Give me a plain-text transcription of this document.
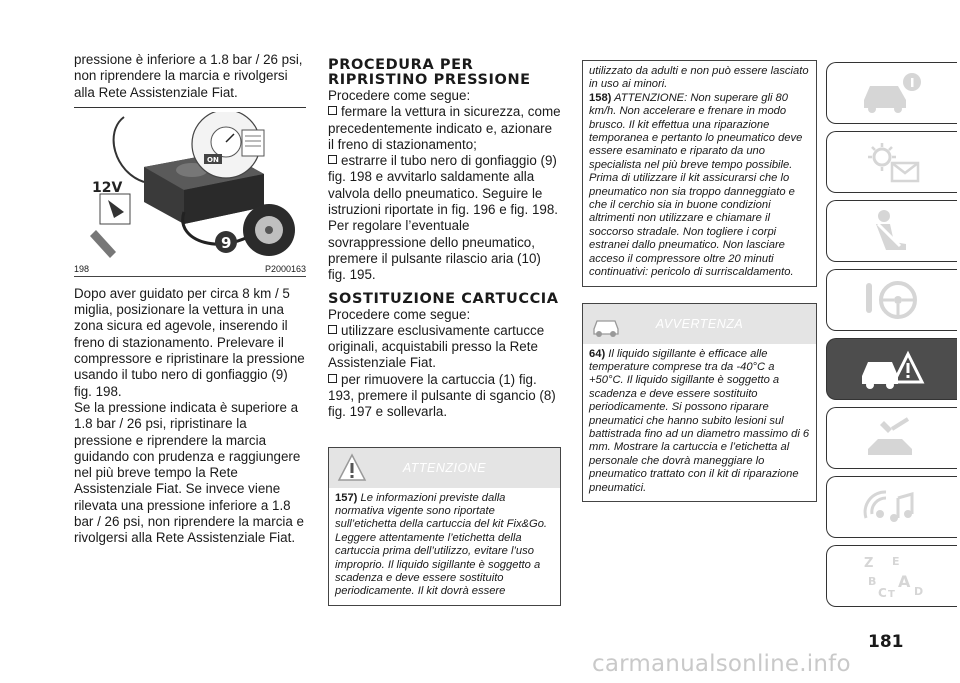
pressione è inferiore a 1.8 bar / 26 psi, non riprendere la marcia e rivolgersi alla Rete Assistenziale Fiat.

ON
12V
9
198	P2000163

Dopo aver guidato per circa 8 km / 5 miglia, posizionare la vettura in una zona sicura ed agevole, inserendo il freno di stazionamento. Prelevare il compressore e ripristinare la pressione usando il tubo nero di gonfiaggio (9) fig. 198.

Se la pressione indicata è superiore a 1.8 bar / 26 psi, ripristinare la pressione e riprendere la marcia guidando con prudenza e raggiungere nel più breve tempo la Rete Assistenziale Fiat. Se invece viene rilevata una pressione inferiore a 1.8 bar / 26 psi, non riprendere la marcia e rivolgersi alla Rete Assistenziale Fiat.

PROCEDURA PER RIPRISTINO PRESSIONE

Procedere come segue:

fermare la vettura in sicurezza, come precedentemente indicato e, azionare il freno di stazionamento;
estrarre il tubo nero di gonfiaggio (9) fig. 198 e avvitarlo saldamente alla valvola dello pneumatico. Seguire le istruzioni riportate in fig. 196 e fig. 198. Per regolare l’eventuale sovrappressione dello pneumatico, premere il pulsante rilascio aria (10) fig. 195.

SOSTITUZIONE CARTUCCIA

Procedere come segue:

utilizzare esclusivamente cartucce originali, acquistabili presso la Rete Assistenziale Fiat.
per rimuovere la cartuccia (1) fig. 193, premere il pulsante di sgancio (8) fig. 197 e sollevarla.

ATTENZIONE
157) Le informazioni previste dalla normativa vigente sono riportate sull’etichetta della cartuccia del kit Fix&Go. Leggere attentamente l’etichetta della cartuccia prima dell’utilizzo, evitare l’uso improprio. Il liquido sigillante è soggetto a scadenza e deve essere sostituito periodicamente. Il kit dovrà essere
utilizzato da adulti e non può essere lasciato in uso ai minori.
158) ATTENZIONE: Non superare gli 80 km/h. Non accelerare e frenare in modo brusco. Il kit effettua una riparazione temporanea e pertanto lo pneumatico deve essere esaminato e riparato da uno specialista nel più breve tempo possibile. Prima di utilizzare il kit assicurarsi che lo pneumatico non sia troppo danneggiato e che il cerchio sia in buone condizioni altrimenti non utilizzare e chiamare il soccorso stradale. Non togliere i corpi estranei dallo pneumatico. Non lasciare acceso il compressore oltre 20 minuti continuativi: pericolo di surriscaldamento.
AVVERTENZA
64) Il liquido sigillante è efficace alle temperature comprese tra da -40°C a +50°C. Il liquido sigillante è soggetto a scadenza e deve essere sostituito periodicamente. Si possono riparare pneumatici che hanno subito lesioni sul battistrada fino ad un diametro massimo di 6 mm. Mostrare la cartuccia e l’etichetta al personale che dovrà maneggiare lo pneumatico trattato con il kit di riparazione pneumatici.
Z E
B A
C T D
181
carmanualsonline.info
